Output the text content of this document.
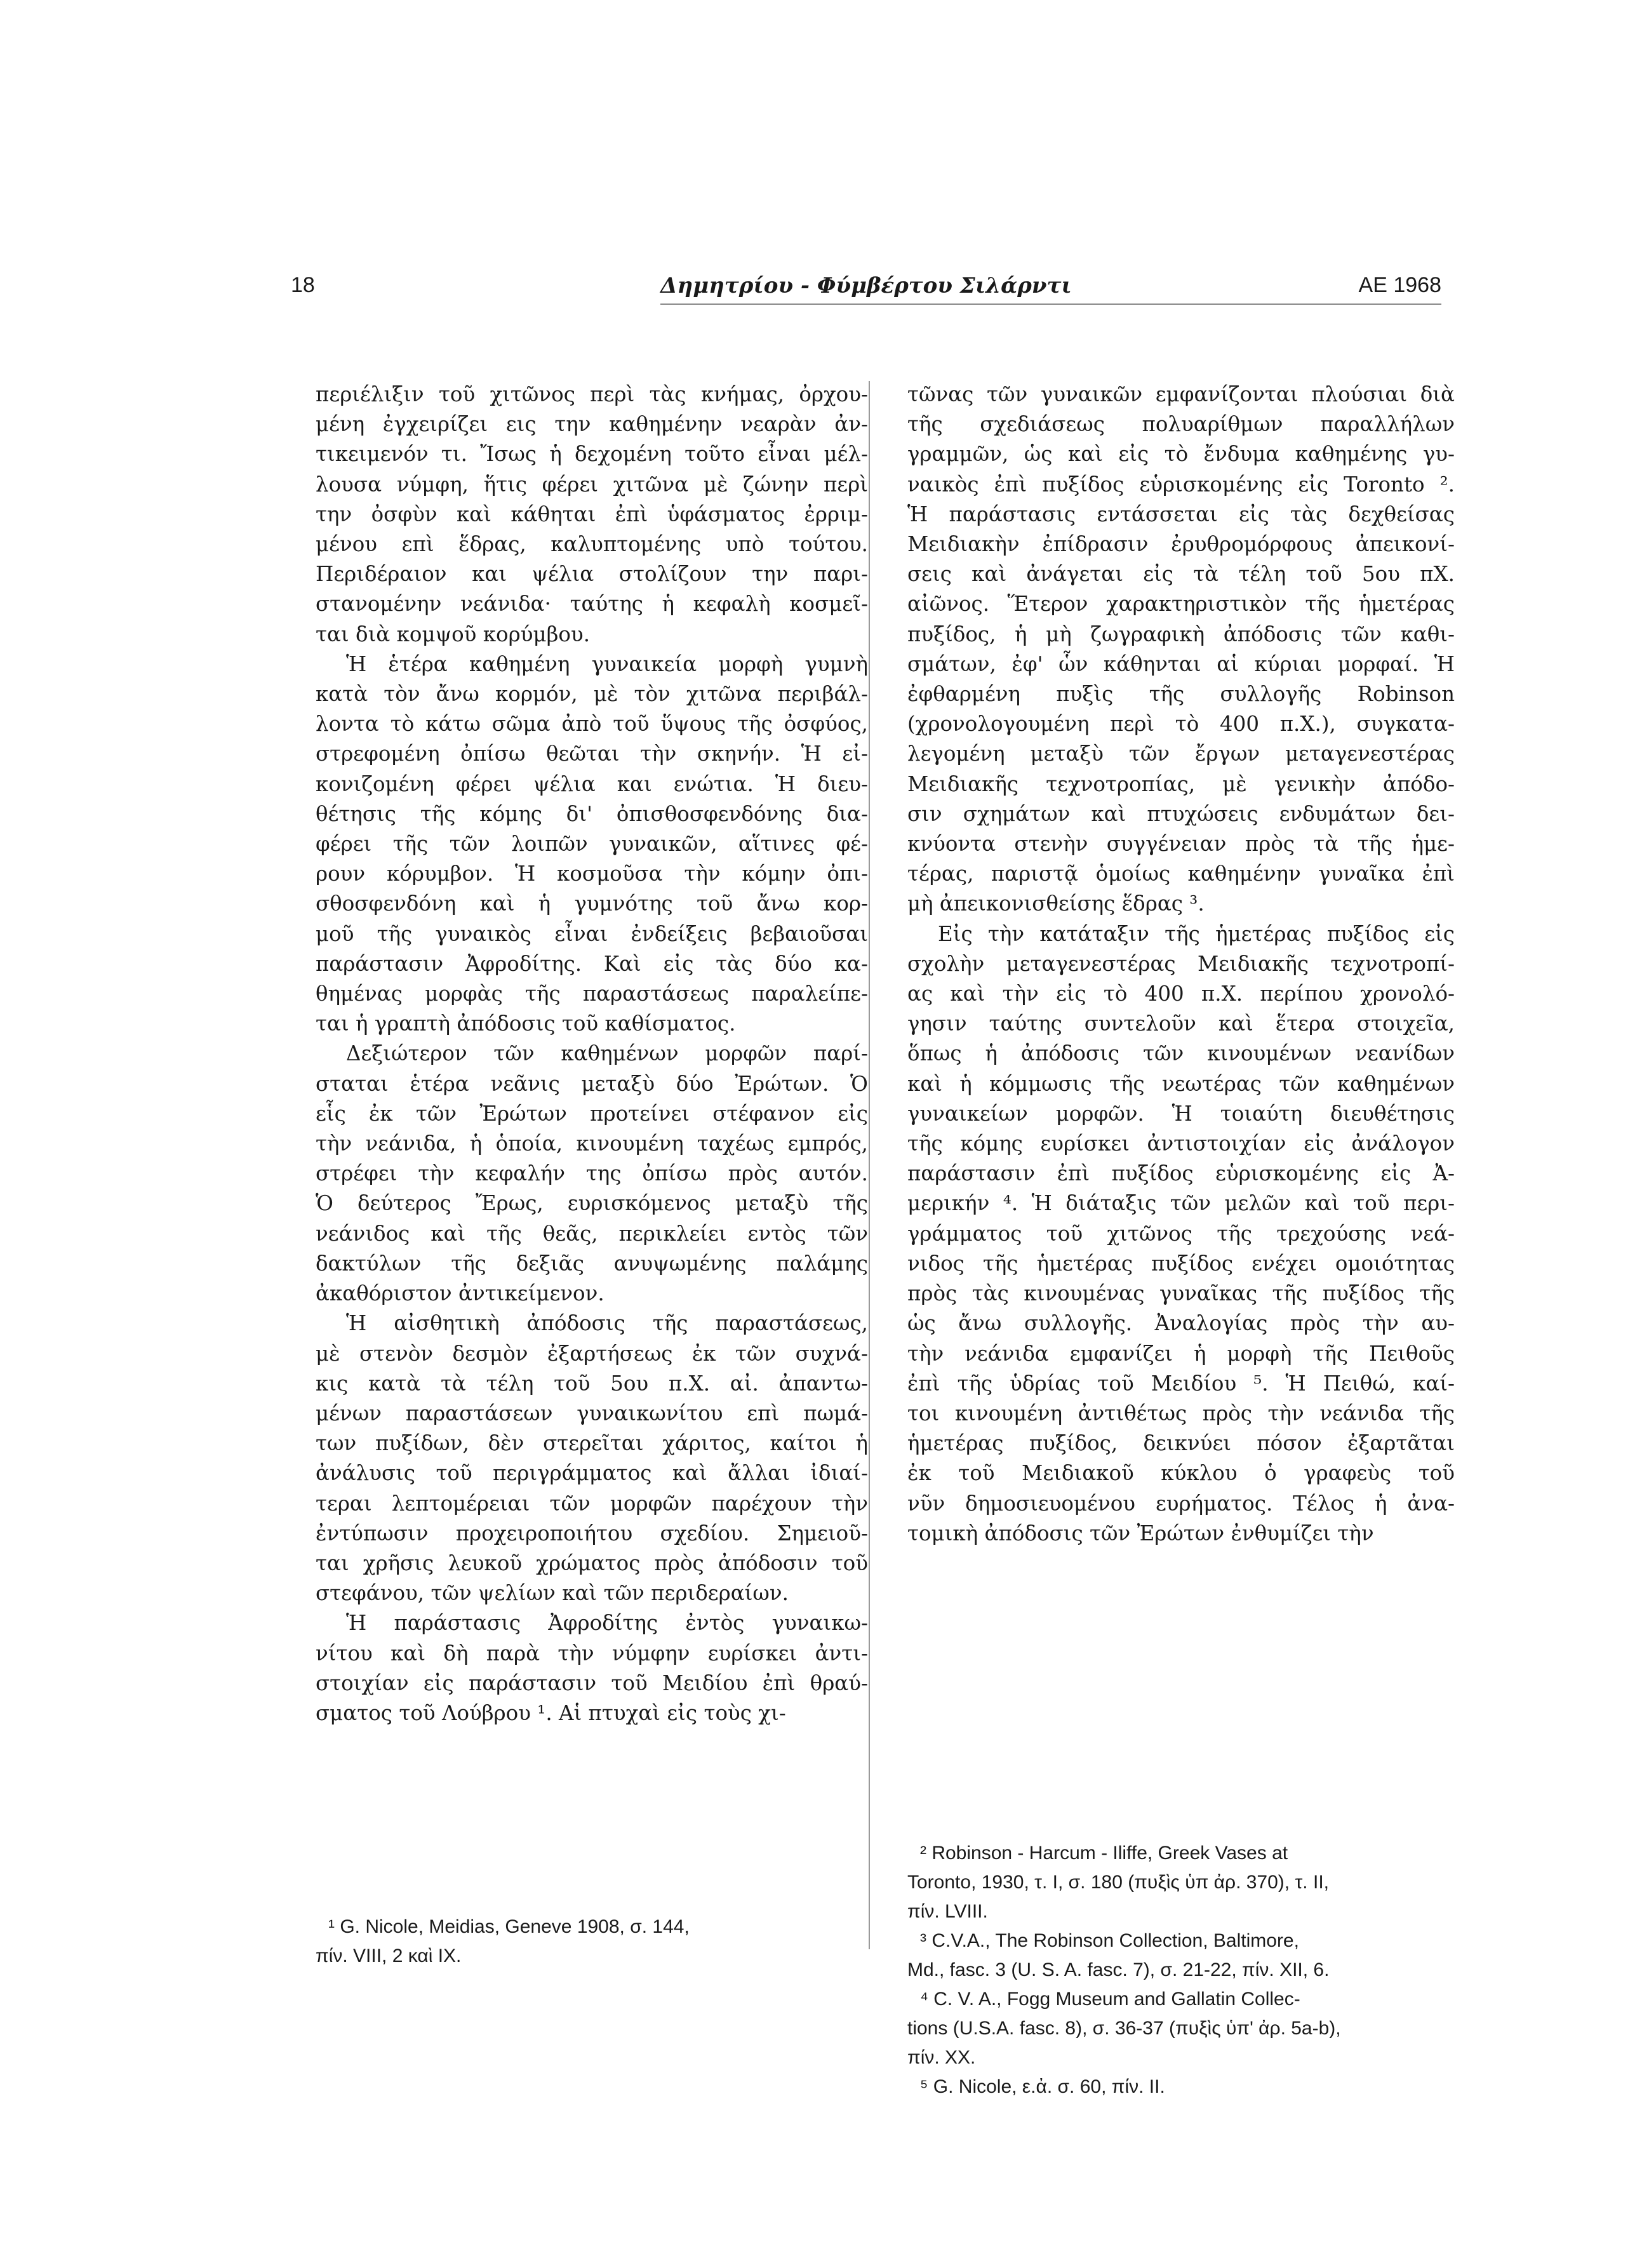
18	Δημητρίου - Φύμβέρτου Σιλάρντι	ΑΕ 1968
περιέλιξιν τοῦ χιτῶνος περὶ τὰς κνήμας, ὀρχου-
μένη ἐγχειρίζει εις την καθημένην νεαρὰν ἀν-
τικειμενόν τι. Ἴσως ἡ δεχομένη τοῦτο εἶναι μέλ-
λουσα νύμφη, ἥτις φέρει χιτῶνα μὲ ζώνην περὶ
την ὀσφὺν καὶ κάθηται ἐπὶ ὑφάσματος ἐρριμ-
μένου επὶ ἕδρας, καλυπτομένης υπὸ τούτου.
Περιδέραιον και ψέλια στολίζουν την παρι-
στανομένην νεάνιδα· ταύτης ἡ κεφαλὴ κοσμεῖ-
ται διὰ κομψοῦ κορύμβου.
Ἡ ἑτέρα καθημένη γυναικεία μορφὴ γυμνὴ
κατὰ τὸν ἄνω κορμόν, μὲ τὸν χιτῶνα περιβάλ-
λοντα τὸ κάτω σῶμα ἀπὸ τοῦ ὕψους τῆς ὀσφύος,
στρεφομένη ὀπίσω θεῶται τὴν σκηνήν. Ἡ εἰ-
κονιζομένη φέρει ψέλια και ενώτια. Ἡ διευ-
θέτησις τῆς κόμης δι' ὀπισθοσφενδόνης δια-
φέρει τῆς τῶν λοιπῶν γυναικῶν, αἵτινες φέ-
ρουν κόρυμβον. Ἡ κοσμοῦσα τὴν κόμην ὀπι-
σθοσφενδόνη καὶ ἡ γυμνότης τοῦ ἄνω κορ-
μοῦ τῆς γυναικὸς εἶναι ἐνδείξεις βεβαιοῦσαι
παράστασιν Ἀφροδίτης. Καὶ εἰς τὰς δύο κα-
θημένας μορφὰς τῆς παραστάσεως παραλείπε-
ται ἡ γραπτὴ ἀπόδοσις τοῦ καθίσματος.
Δεξιώτερον τῶν καθημένων μορφῶν παρί-
σταται ἑτέρα νεᾶνις μεταξὺ δύο Ἐρώτων. Ὁ
εἷς ἐκ τῶν Ἐρώτων προτείνει στέφανον εἰς
τὴν νεάνιδα, ἡ ὁποία, κινουμένη ταχέως εμπρός,
στρέφει τὴν κεφαλήν της ὀπίσω πρὸς αυτόν.
Ὁ δεύτερος Ἔρως, ευρισκόμενος μεταξὺ τῆς
νεάνιδος καὶ τῆς θεᾶς, περικλείει εντὸς τῶν
δακτύλων τῆς δεξιᾶς ανυψωμένης παλάμης
ἀκαθόριστον ἀντικείμενον.
Ἡ αἰσθητικὴ ἀπόδοσις τῆς παραστάσεως,
μὲ στενὸν δεσμὸν ἐξαρτήσεως ἐκ τῶν συχνά-
κις κατὰ τὰ τέλη τοῦ 5ου π.Χ. αἰ. ἀπαντω-
μένων παραστάσεων γυναικωνίτου επὶ πωμά-
των πυξίδων, δὲν στερεῖται χάριτος, καίτοι ἡ
ἀνάλυσις τοῦ περιγράμματος καὶ ἄλλαι ἰδιαί-
τεραι λεπτομέρειαι τῶν μορφῶν παρέχουν τὴν
ἐντύπωσιν προχειροποιήτου σχεδίου. Σημειοῦ-
ται χρῆσις λευκοῦ χρώματος πρὸς ἀπόδοσιν τοῦ
στεφάνου, τῶν ψελίων καὶ τῶν περιδεραίων.
Ἡ παράστασις Ἀφροδίτης ἐντὸς γυναικω-
νίτου καὶ δὴ παρὰ τὴν νύμφην ευρίσκει ἀντι-
στοιχίαν εἰς παράστασιν τοῦ Μειδίου ἐπὶ θραύ-
σματος τοῦ Λούβρου ¹. Αἱ πτυχαὶ εἰς τοὺς χι-
τῶνας τῶν γυναικῶν εμφανίζονται πλούσιαι διὰ
τῆς σχεδιάσεως πολυαρίθμων παραλλήλων
γραμμῶν, ὡς καὶ εἰς τὸ ἔνδυμα καθημένης γυ-
ναικὸς ἐπὶ πυξίδος εὑρισκομένης εἰς Toronto ².
Ἡ παράστασις εντάσσεται εἰς τὰς δεχθείσας
Μειδιακὴν ἐπίδρασιν ἐρυθρομόρφους ἀπεικονί-
σεις καὶ ἀνάγεται εἰς τὰ τέλη τοῦ 5ου πΧ.
αἰῶνος. Ἕτερον χαρακτηριστικὸν τῆς ἡμετέρας
πυξίδος, ἡ μὴ ζωγραφικὴ ἀπόδοσις τῶν καθι-
σμάτων, ἐφ' ὧν κάθηνται αἱ κύριαι μορφαί. Ἡ
ἐφθαρμένη πυξὶς τῆς συλλογῆς Robinson
(χρονολογουμένη περὶ τὸ 400 π.Χ.), συγκατα-
λεγομένη μεταξὺ τῶν ἔργων μεταγενεστέρας
Μειδιακῆς τεχνοτροπίας, μὲ γενικὴν ἀπόδο-
σιν σχημάτων καὶ πτυχώσεις ενδυμάτων δει-
κνύοντα στενὴν συγγένειαν πρὸς τὰ τῆς ἡμε-
τέρας, παριστᾷ ὁμοίως καθημένην γυναῖκα ἐπὶ
μὴ ἀπεικονισθείσης ἕδρας ³.
Εἰς τὴν κατάταξιν τῆς ἡμετέρας πυξίδος εἰς
σχολὴν μεταγενεστέρας Μειδιακῆς τεχνοτροπί-
ας καὶ τὴν εἰς τὸ 400 π.Χ. περίπου χρονολό-
γησιν ταύτης συντελοῦν καὶ ἕτερα στοιχεῖα,
ὅπως ἡ ἀπόδοσις τῶν κινουμένων νεανίδων
καὶ ἡ κόμμωσις τῆς νεωτέρας τῶν καθημένων
γυναικείων μορφῶν. Ἡ τοιαύτη διευθέτησις
τῆς κόμης ευρίσκει ἀντιστοιχίαν εἰς ἀνάλογον
παράστασιν ἐπὶ πυξίδος εὑρισκομένης εἰς Ἀ-
μερικήν ⁴. Ἡ διάταξις τῶν μελῶν καὶ τοῦ περι-
γράμματος τοῦ χιτῶνος τῆς τρεχούσης νεά-
νιδος τῆς ἡμετέρας πυξίδος ενέχει ομοιότητας
πρὸς τὰς κινουμένας γυναῖκας τῆς πυξίδος τῆς
ὡς ἄνω συλλογῆς. Ἀναλογίας πρὸς τὴν αυ-
τὴν νεάνιδα εμφανίζει ἡ μορφὴ τῆς Πειθοῦς
ἐπὶ τῆς ὑδρίας τοῦ Μειδίου ⁵. Ἡ Πειθώ, καί-
τοι κινουμένη ἀντιθέτως πρὸς τὴν νεάνιδα τῆς
ἡμετέρας πυξίδος, δεικνύει πόσον ἐξαρτᾶται
ἐκ τοῦ Μειδιακοῦ κύκλου ὁ γραφεὺς τοῦ
νῦν δημοσιευομένου ευρήματος. Τέλος ἡ ἀνα-
τομικὴ ἀπόδοσις τῶν Ἐρώτων ἐνθυμίζει τὴν
¹ G. Nicole, Meidias, Geneve 1908, σ. 144,
πίν. VIII, 2 καὶ IX.
² Robinson - Harcum - Iliffe, Greek Vases at
Toronto, 1930, τ. I, σ. 180 (πυξὶς ὑπ ἀρ. 370), τ. II,
πίν. LVIII.
³ C.V.A., The Robinson Collection, Baltimore,
Md., fasc. 3 (U. S. A. fasc. 7), σ. 21-22, πίν. XII, 6.
⁴ C. V. A., Fogg Museum and Gallatin Collec-
tions (U.S.A. fasc. 8), σ. 36-37 (πυξὶς ὑπ' ἀρ. 5a-b),
πίν. XX.
⁵ G. Nicole, ε.ἀ. σ. 60, πίν. II.
